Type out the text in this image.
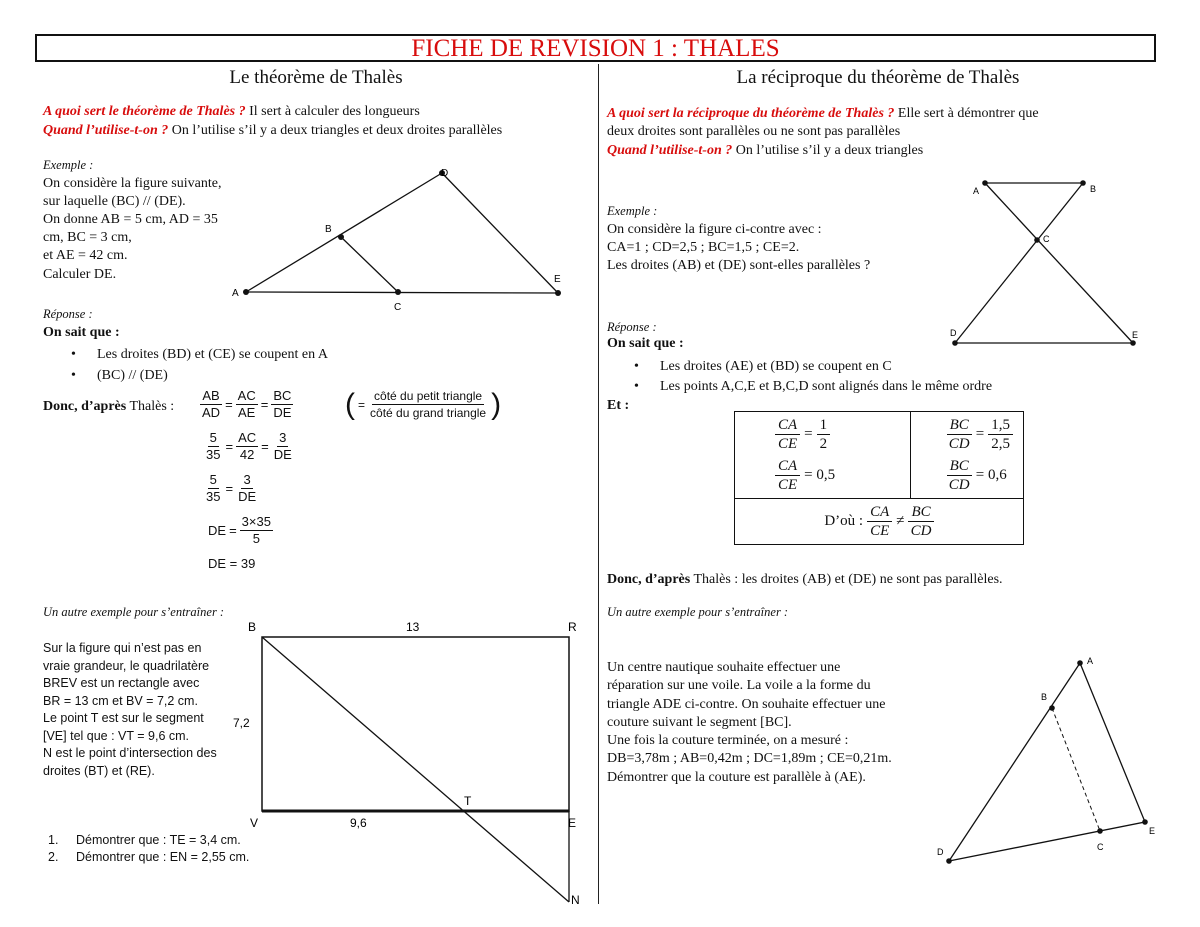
FICHE DE REVISION 1 : THALES
Le théorème de Thalès
A quoi sert le théorème de Thalès ? Il sert à calculer des longueurs
Quand l’utilise-t-on ? On l’utilise s’il y a deux triangles et deux droites parallèles
Exemple :
On considère la figure suivante,
sur laquelle (BC) // (DE).
On donne AB = 5 cm, AD = 35
cm, BC = 3 cm,
et AE = 42 cm.
Calculer DE.
A
B
C
D
E
Réponse :
On sait que :
• Les droites (BD) et (CE) se coupent en A
• (BC) // (DE)
Donc, d’après Thalès : $\frac{AB}{AD} = \frac{AC}{AE} = \frac{BC}{DE}$ ( = $\frac{\text{côté du petit triangle}}{\text{côté du grand triangle}}$ )
$\frac{5}{35} = \frac{AC}{42} = \frac{3}{DE}$
$\frac{5}{35} = \frac{3}{DE}$
DE = $\frac{3\times 35}{5}$
DE = 39
Un autre exemple pour s’entraîner :
Sur la figure qui n’est pas en
vraie grandeur, le quadrilatère
BREV est un rectangle avec
BR = 13 cm et BV = 7,2 cm.
Le point T est sur le segment
[VE] tel que : VT = 9,6 cm.
N est le point d’intersection des
droites (BT) et (RE).
B	R
V	E
T
N
13
7,2
9,6
1. Démontrer que : TE = 3,4 cm.
2. Démontrer que : EN = 2,55 cm.
La réciproque du théorème de Thalès
A quoi sert la réciproque du théorème de Thalès ? Elle sert à démontrer que
deux droites sont parallèles ou ne sont pas parallèles
Quand l’utilise-t-on ? On l’utilise s’il y a deux triangles
A	B
C
D	E
Exemple :
On considère la figure ci-contre avec :
CA=1 ; CD=2,5 ; BC=1,5 ; CE=2.
Les droites (AB) et (DE) sont-elles parallèles ?
Réponse :
On sait que :
• Les droites (AE) et (BD) se coupent en C
• Les points A,C,E et B,C,D sont alignés dans le même ordre
Et :
$\frac{CA}{CE} = \frac{1}{2}$
$\frac{CA}{CE} = 0,5$

$\frac{BC}{CD} = \frac{1,5}{2,5}$
$\frac{BC}{CD} = 0,6$

D’où :
CA
CE
≠
BC
CD
Donc, d’après Thalès : les droites (AB) et (DE) ne sont pas parallèles.
Un autre exemple pour s’entraîner :
Un centre nautique souhaite effectuer une
réparation sur une voile. La voile a la forme du
triangle ADE ci-contre. On souhaite effectuer une
couture suivant le segment [BC].
Une fois la couture terminée, on a mesuré :
DB=3,78m ; AB=0,42m ; DC=1,89m ; CE=0,21m.
Démontrer que la couture est parallèle à (AE).
A
B
C
D
E
